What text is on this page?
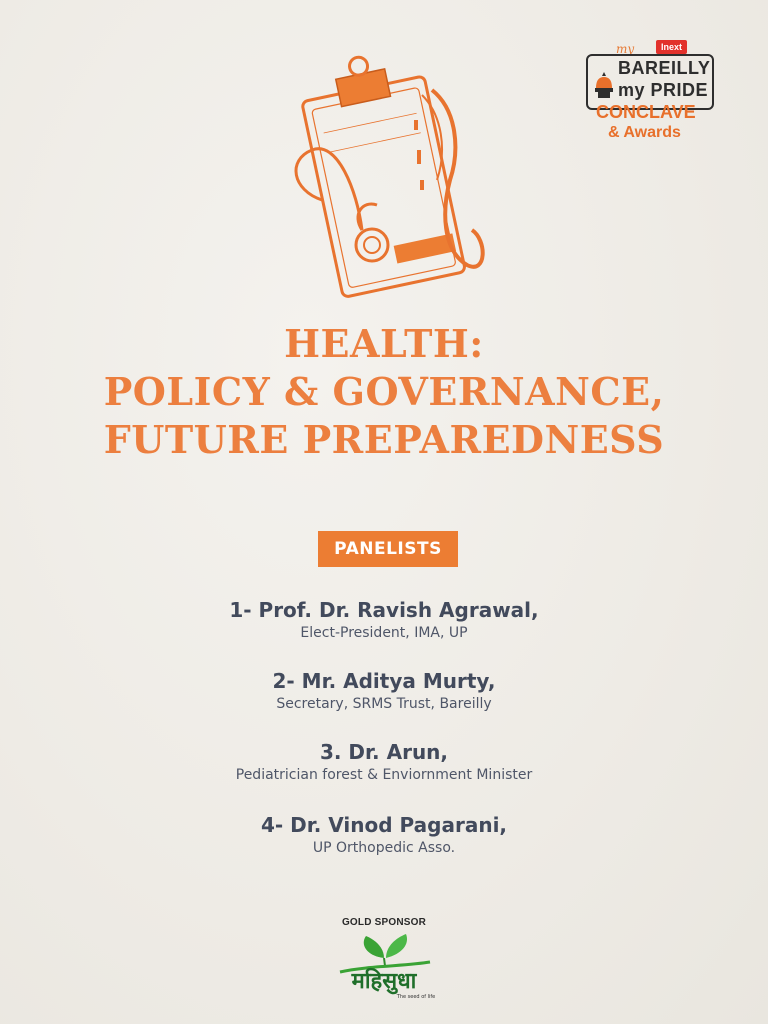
my	Inext
BAREILLY
my PRIDE
CONCLAVE
& Awards
HEALTH:
POLICY & GOVERNANCE,
FUTURE PREPAREDNESS
PANELISTS
1- Prof. Dr. Ravish Agrawal,
Elect-President, IMA, UP
2- Mr. Aditya Murty,
Secretary, SRMS Trust, Bareilly
3. Dr. Arun,
Pediatrician forest & Enviornment Minister
4- Dr. Vinod Pagarani,
UP Orthopedic Asso.
GOLD SPONSOR
महिसुधा
The seed of life
